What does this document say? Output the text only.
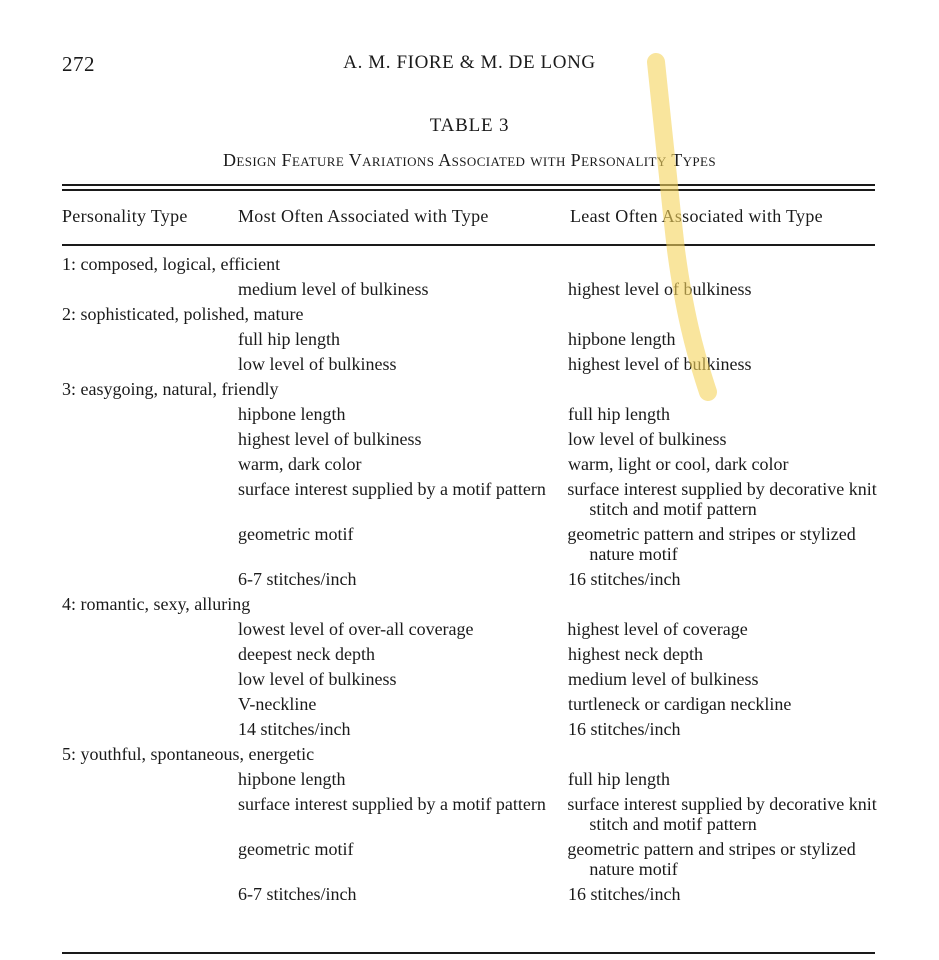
272	A. M. FIORE & M. DE LONG
TABLE 3
Design Feature Variations Associated with Personality Types
Personality Type	Most Often Associated with Type	Least Often Associated with Type
1: composed, logical, efficient
medium level of bulkiness	highest level of bulkiness
2: sophisticated, polished, mature
full hip length	hipbone length
low level of bulkiness	highest level of bulkiness
3: easygoing, natural, friendly
hipbone length	full hip length
highest level of bulkiness	low level of bulkiness
warm, dark color	warm, light or cool, dark color
surface interest supplied by a motif pattern	surface interest supplied by decorative knit stitch and motif pattern
geometric motif	geometric pattern and stripes or stylized nature motif
6-7 stitches/inch	16 stitches/inch
4: romantic, sexy, alluring
lowest level of over-all coverage	highest level of coverage
deepest neck depth	highest neck depth
low level of bulkiness	medium level of bulkiness
V-neckline	turtleneck or cardigan neckline
14 stitches/inch	16 stitches/inch
5: youthful, spontaneous, energetic
hipbone length	full hip length
surface interest supplied by a motif pattern	surface interest supplied by decorative knit stitch and motif pattern
geometric motif	geometric pattern and stripes or stylized nature motif
6-7 stitches/inch	16 stitches/inch
